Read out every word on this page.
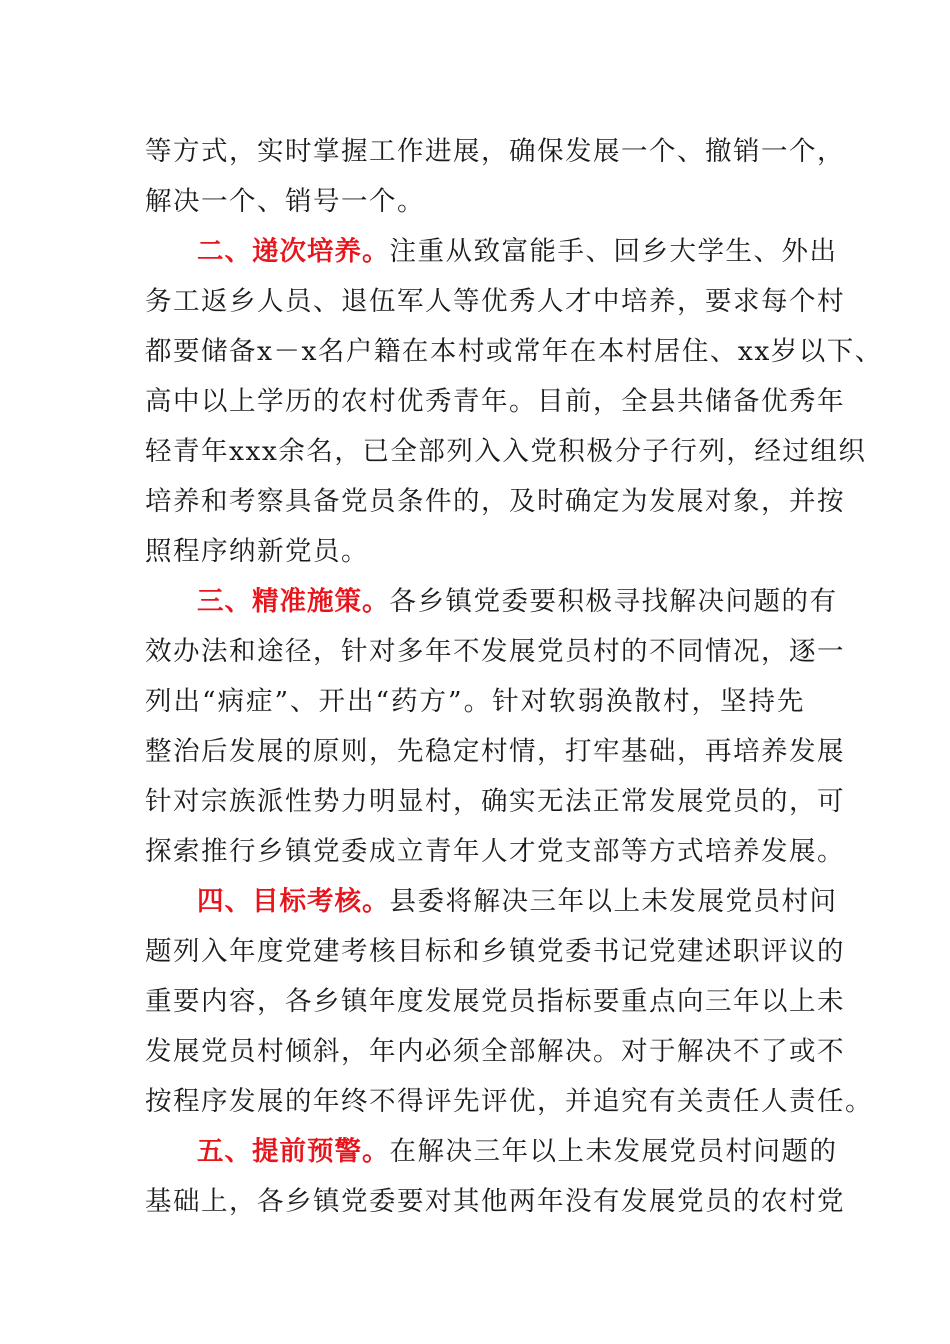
等方式，实时掌握工作进展，确保发展一个、撤销一个，
解决一个、销号一个。
二、递次培养。注重从致富能手、回乡大学生、外出
务工返乡人员、退伍军人等优秀人才中培养，要求每个村
都要储备x－x名户籍在本村或常年在本村居住、xx岁以下、
高中以上学历的农村优秀青年。目前，全县共储备优秀年
轻青年xxx余名，已全部列入入党积极分子行列，经过组织
培养和考察具备党员条件的，及时确定为发展对象，并按
照程序纳新党员。
三、精准施策。各乡镇党委要积极寻找解决问题的有
效办法和途径，针对多年不发展党员村的不同情况，逐一
列出“病症”、开出“药方”。针对软弱涣散村，坚持先
整治后发展的原则，先稳定村情，打牢基础，再培养发展
针对宗族派性势力明显村，确实无法正常发展党员的，可
探索推行乡镇党委成立青年人才党支部等方式培养发展。
四、目标考核。县委将解决三年以上未发展党员村问
题列入年度党建考核目标和乡镇党委书记党建述职评议的
重要内容，各乡镇年度发展党员指标要重点向三年以上未
发展党员村倾斜，年内必须全部解决。对于解决不了或不
按程序发展的年终不得评先评优，并追究有关责任人责任。
五、提前预警。在解决三年以上未发展党员村问题的
基础上，各乡镇党委要对其他两年没有发展党员的农村党
